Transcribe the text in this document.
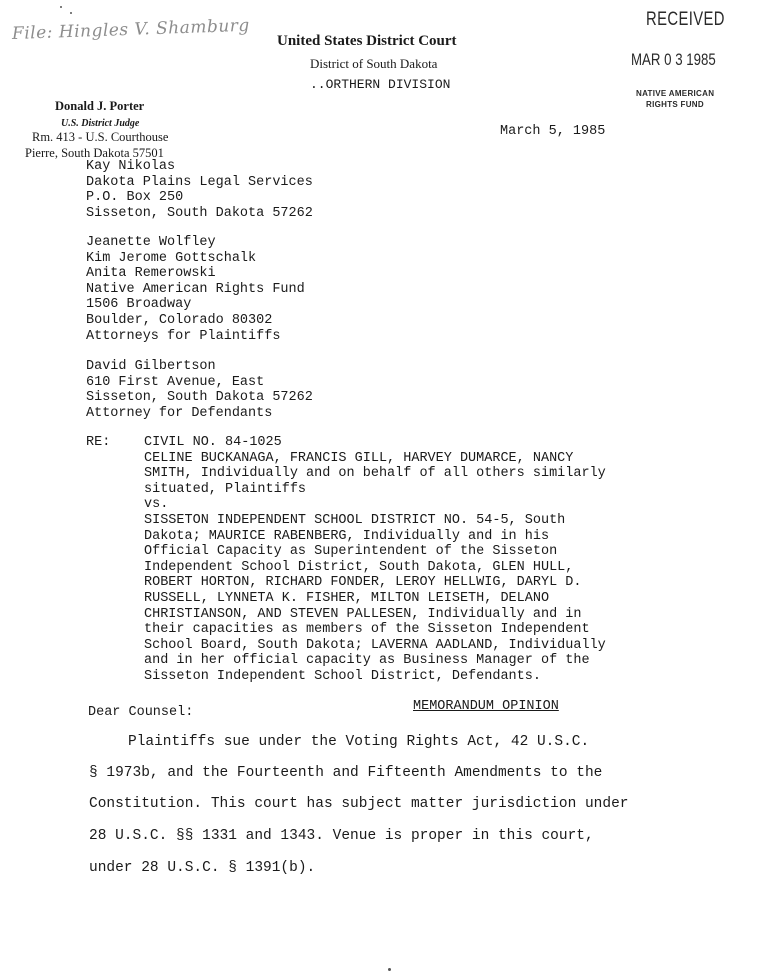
File: Hingles V. Shamburg United States District Court
District of South Dakota
..ORTHERN DIVISION
RECEIVED
MAR 0 3 1985
NATIVE AMERICAN
RIGHTS FUND
Donald J. Porter
U.S. District Judge
Rm. 413 - U.S. Courthouse
Pierre, South Dakota 57501
March 5, 1985
Kay Nikolas
Dakota Plains Legal Services
P.O. Box 250
Sisseton, South Dakota 57262
Jeanette Wolfley
Kim Jerome Gottschalk
Anita Remerowski
Native American Rights Fund
1506 Broadway
Boulder, Colorado 80302
Attorneys for Plaintiffs
David Gilbertson
610 First Avenue, East
Sisseton, South Dakota 57262
Attorney for Defendants
RE: CIVIL NO. 84-1025
CELINE BUCKANAGA, FRANCIS GILL, HARVEY DUMARCE, NANCY
SMITH, Individually and on behalf of all others similarly
situated, Plaintiffs
vs.
SISSETON INDEPENDENT SCHOOL DISTRICT NO. 54-5, South
Dakota; MAURICE RABENBERG, Individually and in his
Official Capacity as Superintendent of the Sisseton
Independent School District, South Dakota, GLEN HULL,
ROBERT HORTON, RICHARD FONDER, LEROY HELLWIG, DARYL D.
RUSSELL, LYNNETA K. FISHER, MILTON LEISETH, DELANO
CHRISTIANSON, AND STEVEN PALLESEN, Individually and in
their capacities as members of the Sisseton Independent
School Board, South Dakota; LAVERNA AADLAND, Individually
and in her official capacity as Business Manager of the
Sisseton Independent School District, Defendants.
Dear Counsel:	MEMORANDUM OPINION
Plaintiffs sue under the Voting Rights Act, 42 U.S.C.
§ 1973b, and the Fourteenth and Fifteenth Amendments to the
Constitution. This court has subject matter jurisdiction under
28 U.S.C. §§ 1331 and 1343. Venue is proper in this court,
under 28 U.S.C. § 1391(b).
